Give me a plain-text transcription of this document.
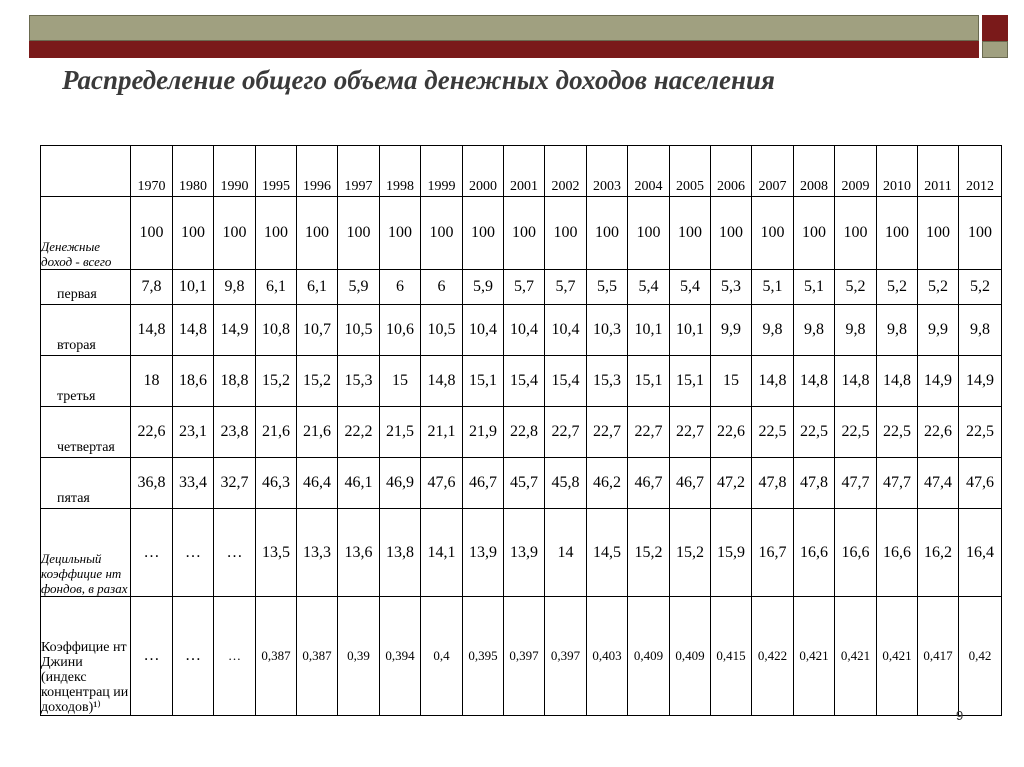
Распределение общего объема денежных доходов населения
	1970	1980	1990	1995	1996	1997	1998	1999	2000	2001	2002	2003	2004	2005	2006	2007	2008	2009	2010	2011	2012
Денежные доход - всего	100	100	100	100	100	100	100	100	100	100	100	100	100	100	100	100	100	100	100	100	100
первая	7,8	10,1	9,8	6,1	6,1	5,9	6	6	5,9	5,7	5,7	5,5	5,4	5,4	5,3	5,1	5,1	5,2	5,2	5,2	5,2
вторая	14,8	14,8	14,9	10,8	10,7	10,5	10,6	10,5	10,4	10,4	10,4	10,3	10,1	10,1	9,9	9,8	9,8	9,8	9,8	9,9	9,8
третья	18	18,6	18,8	15,2	15,2	15,3	15	14,8	15,1	15,4	15,4	15,3	15,1	15,1	15	14,8	14,8	14,8	14,8	14,9	14,9
четвертая	22,6	23,1	23,8	21,6	21,6	22,2	21,5	21,1	21,9	22,8	22,7	22,7	22,7	22,7	22,6	22,5	22,5	22,5	22,5	22,6	22,5
пятая	36,8	33,4	32,7	46,3	46,4	46,1	46,9	47,6	46,7	45,7	45,8	46,2	46,7	46,7	47,2	47,8	47,8	47,7	47,7	47,4	47,6
Децильный коэффицие нт фондов, в разах	…	…	…	13,5	13,3	13,6	13,8	14,1	13,9	13,9	14	14,5	15,2	15,2	15,9	16,7	16,6	16,6	16,6	16,2	16,4
Коэффицие нт Джини (индекс концентрац ии доходов)¹⁾	…	…	…	0,387	0,387	0,39	0,394	0,4	0,395	0,397	0,397	0,403	0,409	0,409	0,415	0,422	0,421	0,421	0,421	0,417	0,42
9
